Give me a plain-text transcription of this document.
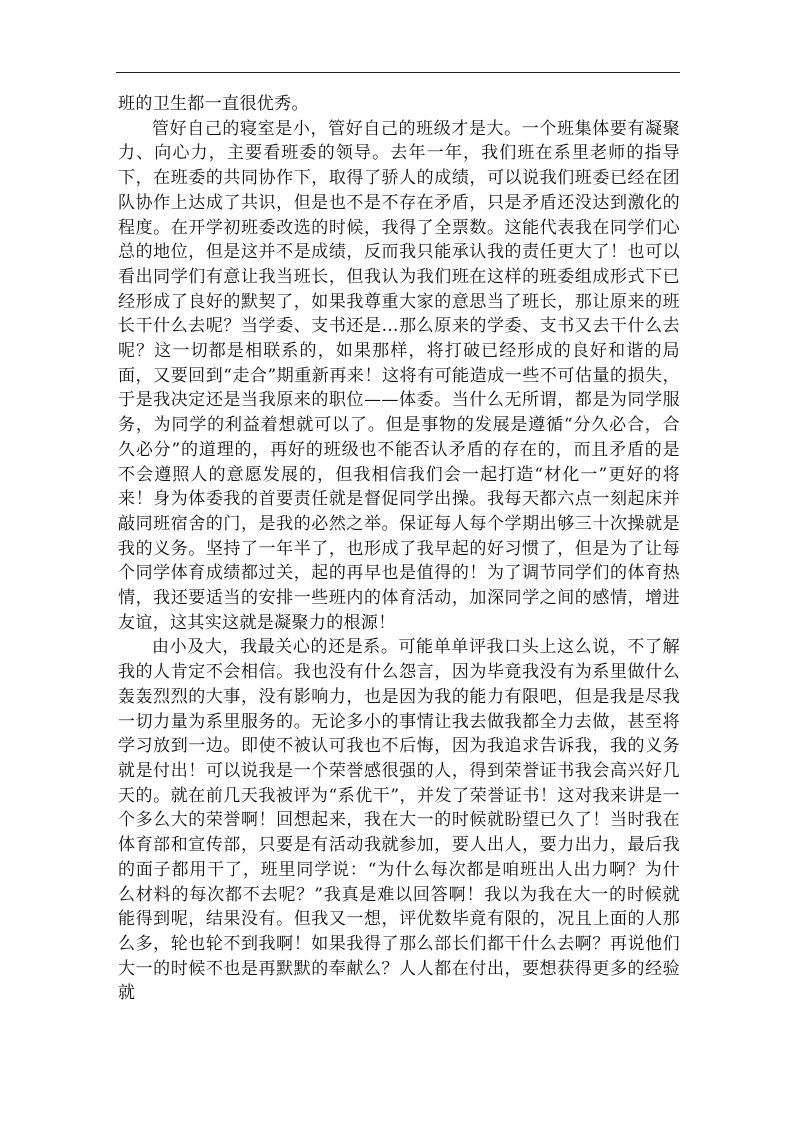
班的卫生都一直很优秀。

管好自己的寝室是小，管好自己的班级才是大。一个班集体要有凝聚力、向心力，主要看班委的领导。去年一年，我们班在系里老师的指导下，在班委的共同协作下，取得了骄人的成绩，可以说我们班委已经在团队协作上达成了共识，但是也不是不存在矛盾，只是矛盾还没达到激化的程度。在开学初班委改选的时候，我得了全票数。这能代表我在同学们心总的地位，但是这并不是成绩，反而我只能承认我的责任更大了！也可以看出同学们有意让我当班长，但我认为我们班在这样的班委组成形式下已经形成了良好的默契了，如果我尊重大家的意思当了班长，那让原来的班长干什么去呢？当学委、支书还是…那么原来的学委、支书又去干什么去呢？这一切都是相联系的，如果那样，将打破已经形成的良好和谐的局面，又要回到“走合”期重新再来！这将有可能造成一些不可估量的损失，于是我决定还是当我原来的职位——体委。当什么无所谓，都是为同学服务，为同学的利益着想就可以了。但是事物的发展是遵循“分久必合，合久必分”的道理的，再好的班级也不能否认矛盾的存在的，而且矛盾的是不会遵照人的意愿发展的，但我相信我们会一起打造“材化一”更好的将来！身为体委我的首要责任就是督促同学出操。我每天都六点一刻起床并敲同班宿舍的门，是我的必然之举。保证每人每个学期出够三十次操就是我的义务。坚持了一年半了，也形成了我早起的好习惯了，但是为了让每个同学体育成绩都过关，起的再早也是值得的！为了调节同学们的体育热情，我还要适当的安排一些班内的体育活动，加深同学之间的感情，增进友谊，这其实这就是凝聚力的根源！

由小及大，我最关心的还是系。可能单单评我口头上这么说，不了解我的人肯定不会相信。我也没有什么怨言，因为毕竟我没有为系里做什么轰轰烈烈的大事，没有影响力，也是因为我的能力有限吧，但是我是尽我一切力量为系里服务的。无论多小的事情让我去做我都全力去做，甚至将学习放到一边。即使不被认可我也不后悔，因为我追求告诉我，我的义务就是付出！可以说我是一个荣誉感很强的人，得到荣誉证书我会高兴好几天的。就在前几天我被评为“系优干”，并发了荣誉证书！这对我来讲是一个多么大的荣誉啊！回想起来，我在大一的时候就盼望已久了！当时我在体育部和宣传部，只要是有活动我就参加，要人出人，要力出力，最后我的面子都用干了，班里同学说：“为什么每次都是咱班出人出力啊？为什么材料的每次都不去呢？”我真是难以回答啊！我以为我在大一的时候就能得到呢，结果没有。但我又一想，评优数毕竟有限的，况且上面的人那么多，轮也轮不到我啊！如果我得了那么部长们都干什么去啊？再说他们大一的时候不也是再默默的奉献么？人人都在付出，要想获得更多的经验就
